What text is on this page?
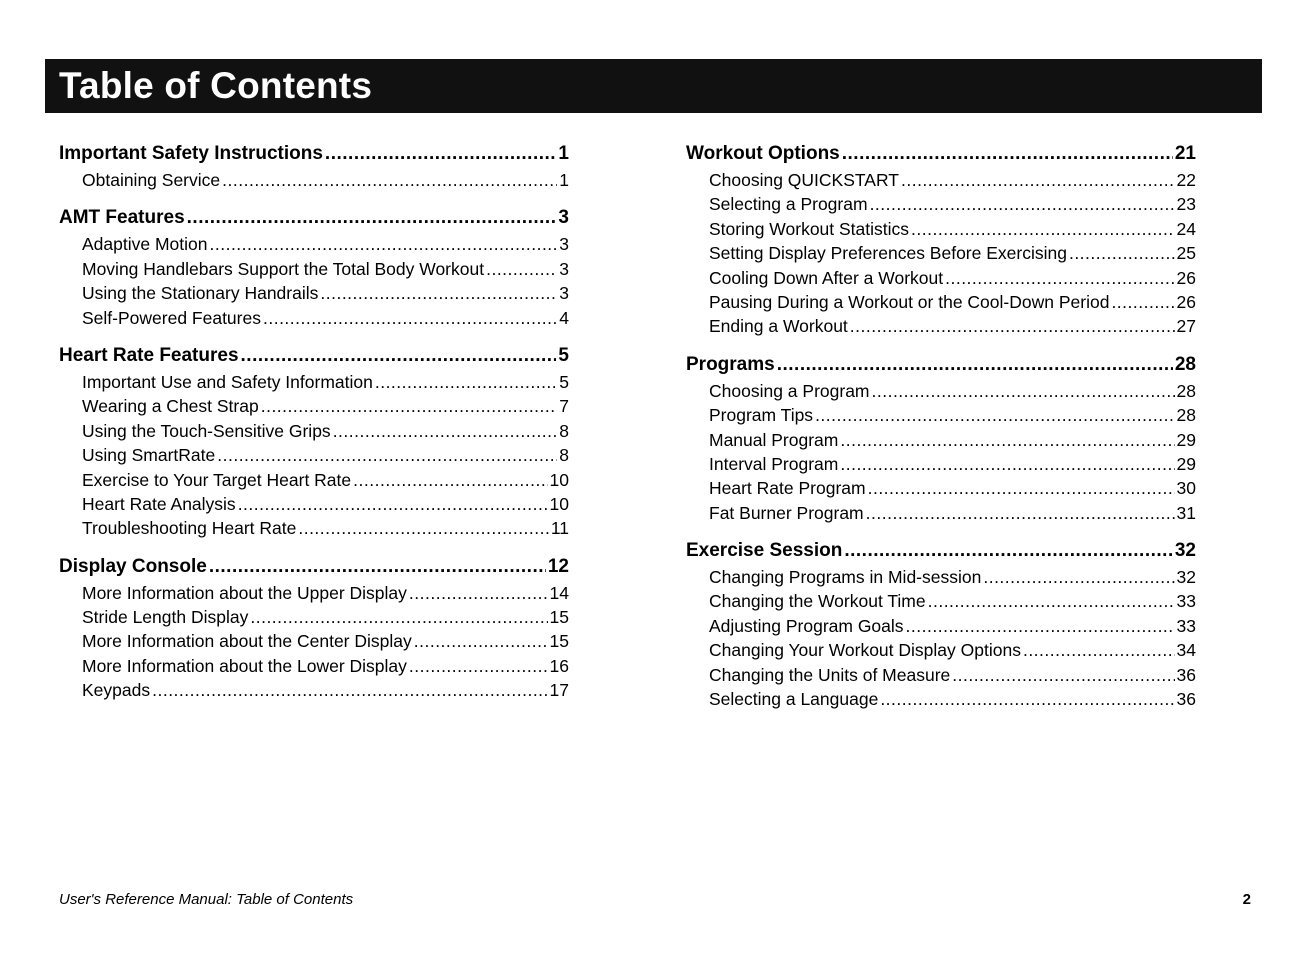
Table of Contents
Important Safety Instructions .....	1
Obtaining Service .....	1
AMT Features .....	3
Adaptive Motion .....	3
Moving Handlebars Support the Total Body Workout .....	3
Using the Stationary Handrails .....	3
Self-Powered Features .....	4
Heart Rate Features .....	5
Important Use and Safety Information .....	5
Wearing a Chest Strap .....	7
Using the Touch-Sensitive Grips .....	8
Using SmartRate .....	8
Exercise to Your Target Heart Rate .....	10
Heart Rate Analysis .....	10
Troubleshooting Heart Rate .....	11
Display Console .....	12
More Information about the Upper Display .....	14
Stride Length Display .....	15
More Information about the Center Display .....	15
More Information about the Lower Display .....	16
Keypads .....	17
Workout Options .....	21
Choosing QUICKSTART .....	22
Selecting a Program .....	23
Storing Workout Statistics .....	24
Setting Display Preferences Before Exercising .....	25
Cooling Down After a Workout .....	26
Pausing During a Workout or the Cool-Down Period .....	26
Ending a Workout .....	27
Programs .....	28
Choosing a Program .....	28
Program Tips .....	28
Manual Program .....	29
Interval Program .....	29
Heart Rate Program .....	30
Fat Burner Program .....	31
Exercise Session .....	32
Changing Programs in Mid-session .....	32
Changing the Workout Time .....	33
Adjusting Program Goals .....	33
Changing Your Workout Display Options .....	34
Changing the Units of Measure .....	36
Selecting a Language .....	36
User's Reference Manual: Table of Contents	2
